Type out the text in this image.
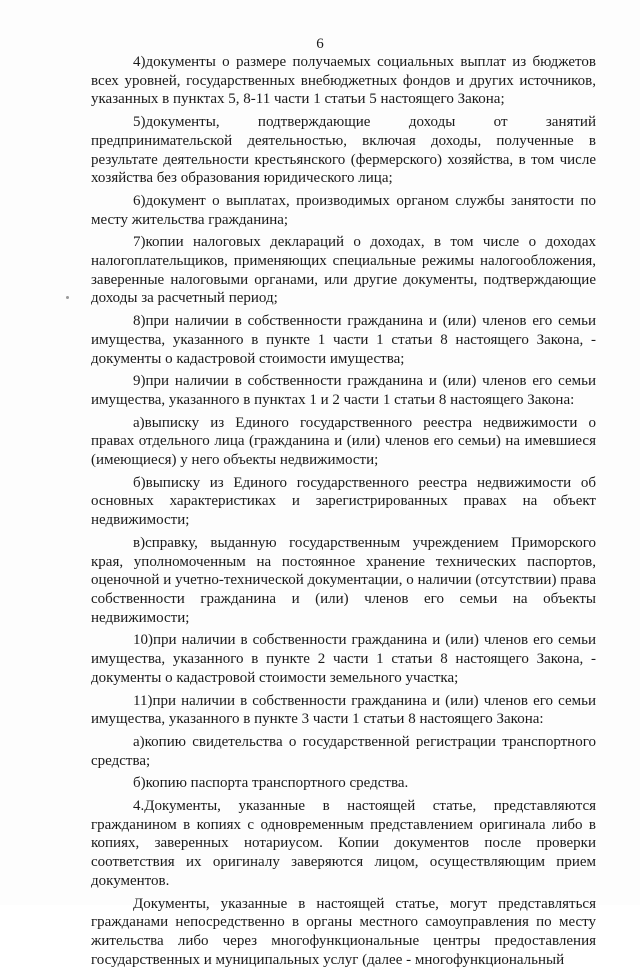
6

4)документы о размере получаемых социальных выплат из бюджетов всех уровней, государственных внебюджетных фондов и других источников, указанных в пунктах 5, 8-11 части 1 статьи 5 настоящего Закона;

5)документы, подтверждающие доходы от занятий предпринимательской деятельностью, включая доходы, полученные в результате деятельности крестьянского (фермерского) хозяйства, в том числе хозяйства без образования юридического лица;

6)документ о выплатах, производимых органом службы занятости по месту жительства гражданина;

7)копии налоговых деклараций о доходах, в том числе о доходах налогоплательщиков, применяющих специальные режимы налогообложения, заверенные налоговыми органами, или другие документы, подтверждающие доходы за расчетный период;

8)при наличии в собственности гражданина и (или) членов его семьи имущества, указанного в пункте 1 части 1 статьи 8 настоящего Закона, - документы о кадастровой стоимости имущества;

9)при наличии в собственности гражданина и (или) членов его семьи имущества, указанного в пунктах 1 и 2 части 1 статьи 8 настоящего Закона:

а)выписку из Единого государственного реестра недвижимости о правах отдельного лица (гражданина и (или) членов его семьи) на имевшиеся (имеющиеся) у него объекты недвижимости;

б)выписку из Единого государственного реестра недвижимости об основных характеристиках и зарегистрированных правах на объект недвижимости;

в)справку, выданную государственным учреждением Приморского края, уполномоченным на постоянное хранение технических паспортов, оценочной и учетно-технической документации, о наличии (отсутствии) права собственности гражданина и (или) членов его семьи на объекты недвижимости;

10)при наличии в собственности гражданина и (или) членов его семьи имущества, указанного в пункте 2 части 1 статьи 8 настоящего Закона, - документы о кадастровой стоимости земельного участка;

11)при наличии в собственности гражданина и (или) членов его семьи имущества, указанного в пункте 3 части 1 статьи 8 настоящего Закона:

а)копию свидетельства о государственной регистрации транспортного средства;

б)копию паспорта транспортного средства.

4.Документы, указанные в настоящей статье, представляются гражданином в копиях с одновременным представлением оригинала либо в копиях, заверенных нотариусом. Копии документов после проверки соответствия их оригиналу заверяются лицом, осуществляющим прием документов.

Документы, указанные в настоящей статье, могут представляться гражданами непосредственно в органы местного самоуправления по месту жительства либо через многофункциональные центры предоставления государственных и муниципальных услуг (далее - многофункциональный
